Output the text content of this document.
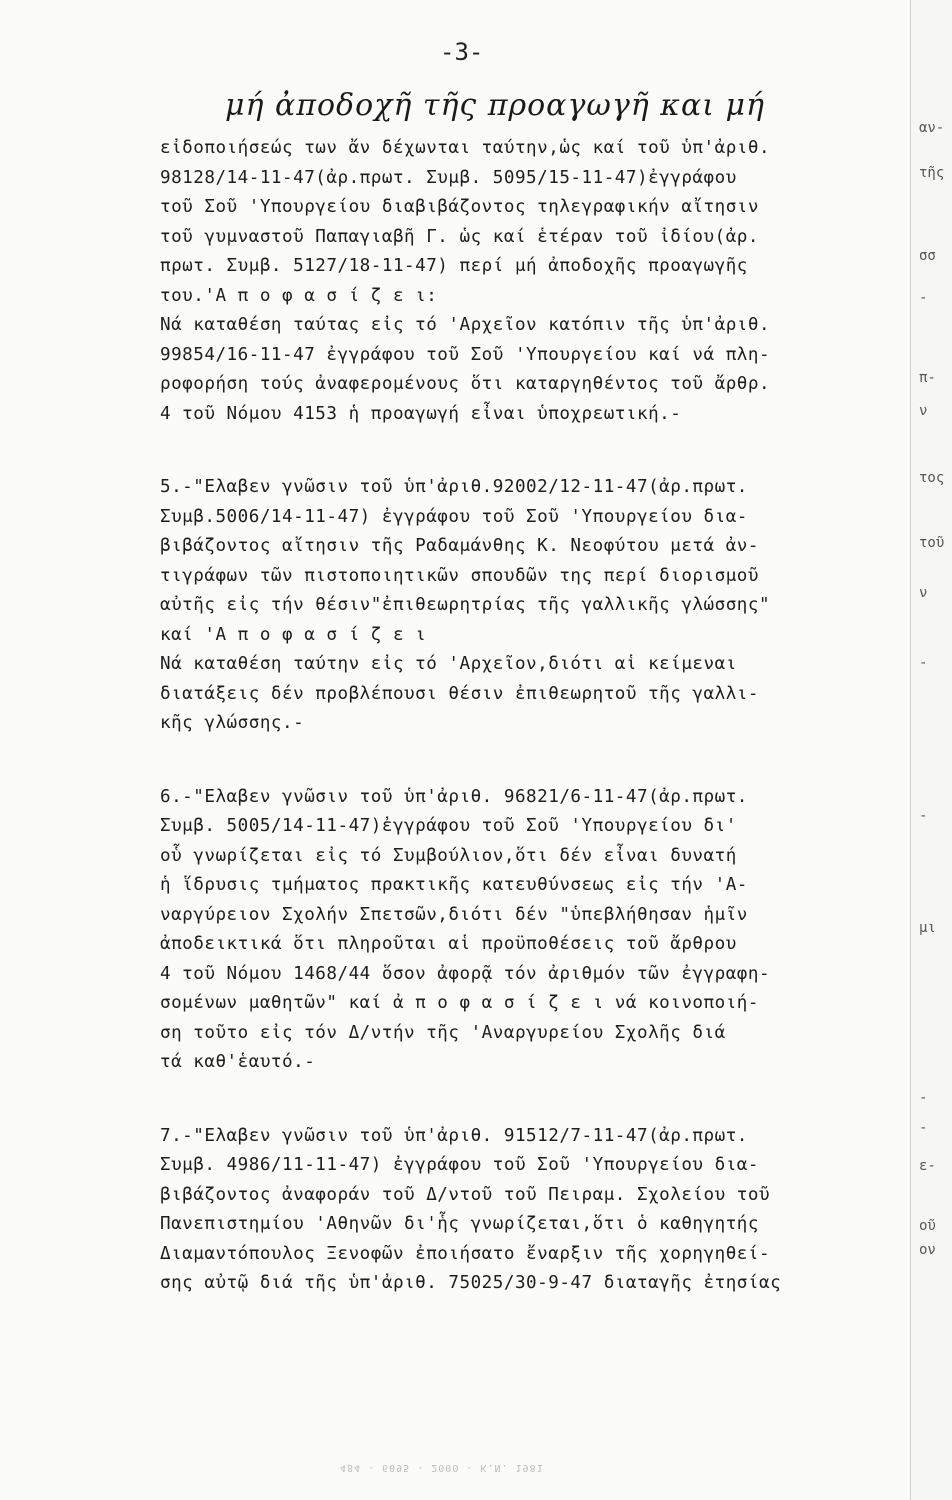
αν-
τῆς
σσ
-
π-
ν
τος
τοῦ
ν
-
-
μι
-
-
ε-
οῦ
ον
-3-
μή ἀποδοχῆ τῆς προαγωγῆ και μή
εἰδοποιήσεώς των ἄν δέχωνται ταύτην,ὡς καί τοῦ ὑπ'ἀριθ.
98128/14-11-47(ἀρ.πρωτ. Συμβ. 5095/15-11-47)ἐγγράφου
τοῦ Σοῦ 'Υπουργείου διαβιβάζοντος τηλεγραφικήν αἴτησιν
τοῦ γυμναστοῦ Παπαγιαβῆ Γ. ὡς καί ἑτέραν τοῦ ἰδίου(ἀρ.
πρωτ. Συμβ. 5127/18-11-47) περί μή ἀποδοχῆς προαγωγῆς
του.'Α π ο φ α σ ί ζ ε ι:
Νά καταθέση ταύτας εἰς τό 'Αρχεῖον κατόπιν τῆς ὑπ'ἀριθ.
99854/16-11-47 ἐγγράφου τοῦ Σοῦ 'Υπουργείου καί νά πλη-
ροφορήση τούς ἀναφερομένους ὅτι καταργηθέντος τοῦ ἄρθρ.
4 τοῦ Νόμου 4153 ἡ προαγωγή εἶναι ὑποχρεωτική.-
5.-"Ελαβεν γνῶσιν τοῦ ὑπ'ἀριθ.92002/12-11-47(ἀρ.πρωτ.
Συμβ.5006/14-11-47) ἐγγράφου τοῦ Σοῦ 'Υπουργείου δια-
βιβάζοντος αἴτησιν τῆς Ραδαμάνθης Κ. Νεοφύτου μετά ἀν-
τιγράφων τῶν πιστοποιητικῶν σπουδῶν της περί διορισμοῦ
αὐτῆς εἰς τήν θέσιν"ἐπιθεωρητρίας τῆς γαλλικῆς γλώσσης"
καί 'Α π ο φ α σ ί ζ ε ι
Νά καταθέση ταύτην εἰς τό 'Αρχεῖον,διότι αἱ κείμεναι
διατάξεις δέν προβλέπουσι θέσιν ἐπιθεωρητοῦ τῆς γαλλι-
κῆς γλώσσης.-
6.-"Ελαβεν γνῶσιν τοῦ ὑπ'ἀριθ. 96821/6-11-47(ἀρ.πρωτ.
Συμβ. 5005/14-11-47)ἐγγράφου τοῦ Σοῦ 'Υπουργείου δι'
οὗ γνωρίζεται εἰς τό Συμβούλιον,ὅτι δέν εἶναι δυνατή
ἡ ἵδρυσις τμήματος πρακτικῆς κατευθύνσεως εἰς τήν 'Α-
ναργύρειον Σχολήν Σπετσῶν,διότι δέν "ὑπεβλήθησαν ἡμῖν
ἀποδεικτικά ὅτι πληροῦται αἱ προϋποθέσεις τοῦ ἄρθρου
4 τοῦ Νόμου 1468/44 ὅσον ἀφορᾷ τόν ἀριθμόν τῶν ἐγγραφη-
σομένων μαθητῶν" καί ἀ π ο φ α σ ί ζ ε ι νά κοινοποιή-
ση τοῦτο εἰς τόν Δ/ντήν τῆς 'Αναργυρείου Σχολῆς διά
τά καθ'ἑαυτό.-
7.-"Ελαβεν γνῶσιν τοῦ ὑπ'ἀριθ. 91512/7-11-47(ἀρ.πρωτ.
Συμβ. 4986/11-11-47) ἐγγράφου τοῦ Σοῦ 'Υπουργείου δια-
βιβάζοντος ἀναφοράν τοῦ Δ/ντοῦ τοῦ Πειραμ. Σχολείου τοῦ
Πανεπιστημίου 'Αθηνῶν δι'ἧς γνωρίζεται,ὅτι ὁ καθηγητής
Διαμαντόπουλος Ξενοφῶν ἐποιήσατο ἔναρξιν τῆς χορηγηθεί-
σης αὐτῷ διά τῆς ὑπ'ἀριθ. 75025/30-9-47 διαταγῆς ἐτησίας
484 - 6095 - 2000 - Κ.Ν. 1981
